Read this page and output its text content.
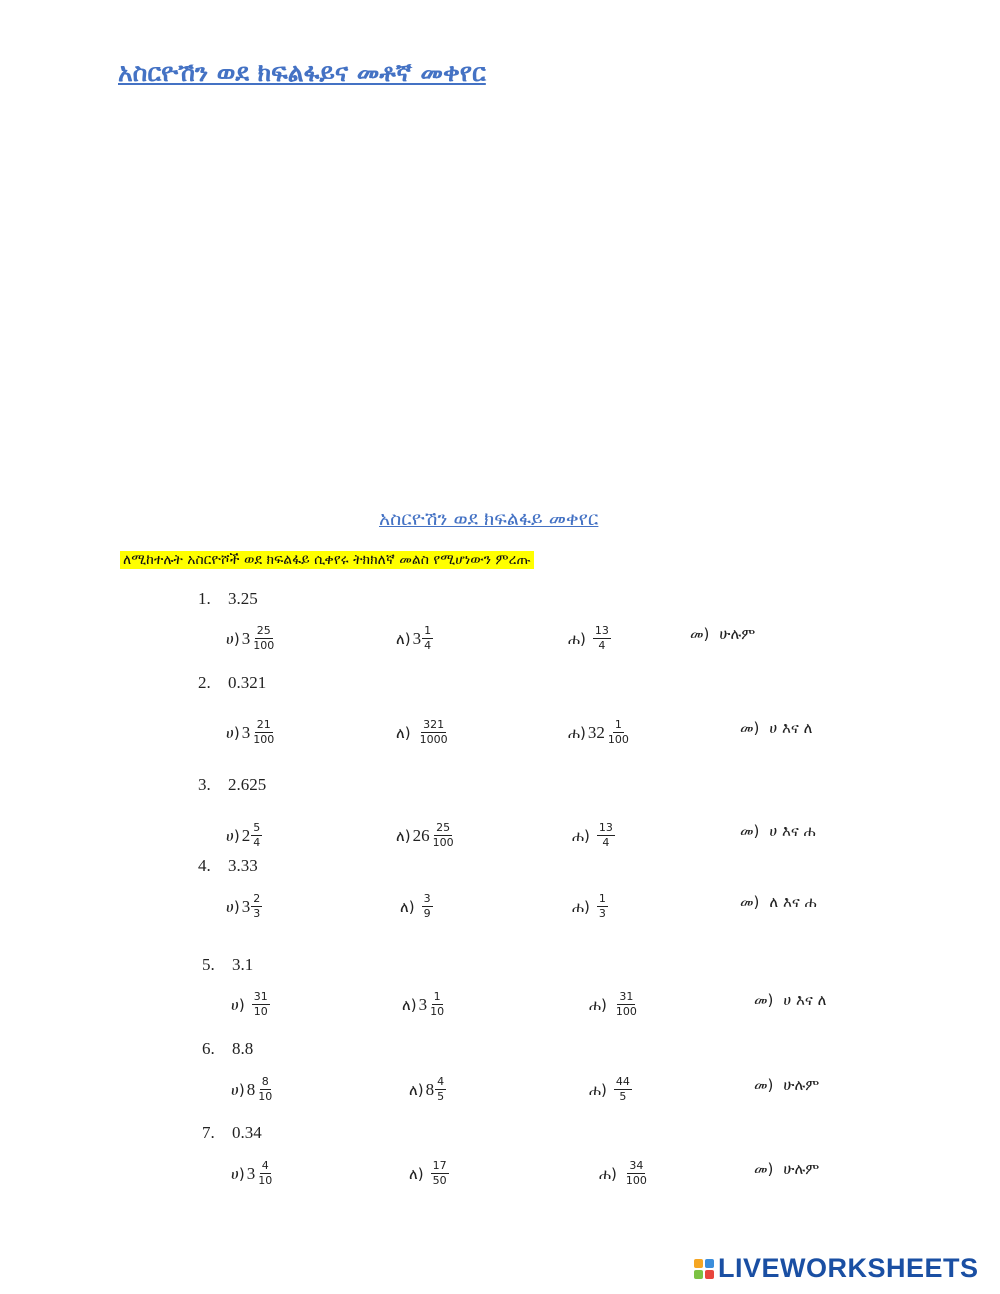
አስርዮሽን ወደ ክፍልፋይና መቶኛ መቀየር
አስርዮሽን ወደ ክፍልፋይ መቀየር
ለሚከተሉት አስርዮሾች ወደ ክፍልፋይ ሲቀየሩ ትክክለኛ መልስ የሚሆነውን ምረጡ
1. 3.25
ሀ) $3 \frac{25}{100}$	ለ) $3 \frac{1}{4}$	ሐ) $\frac{13}{4}$	መ) ሁሉም
2. 0.321
ሀ) $3 \frac{21}{100}$	ለ) $\frac{321}{1000}$	ሐ) $32 \frac{1}{100}$	መ) ሀ እና ለ
3. 2.625
ሀ) $2 \frac{5}{4}$	ለ) $26 \frac{25}{100}$	ሐ) $\frac{13}{4}$	መ) ሀ እና ሐ
4. 3.33
ሀ) $3 \frac{2}{3}$	ለ) $\frac{3}{9}$	ሐ) $\frac{1}{3}$	መ) ለ እና ሐ
5. 3.1
ሀ) $\frac{31}{10}$	ለ) $3 \frac{1}{10}$	ሐ) $\frac{31}{100}$	መ) ሀ እና ለ
6. 8.8
ሀ) $8 \frac{8}{10}$	ለ) $8 \frac{4}{5}$	ሐ) $\frac{44}{5}$	መ) ሁሉም
7. 0.34
ሀ) $3 \frac{4}{10}$	ለ) $\frac{17}{50}$	ሐ) $\frac{34}{100}$	መ) ሁሉም
LIVEWORKSHEETS
